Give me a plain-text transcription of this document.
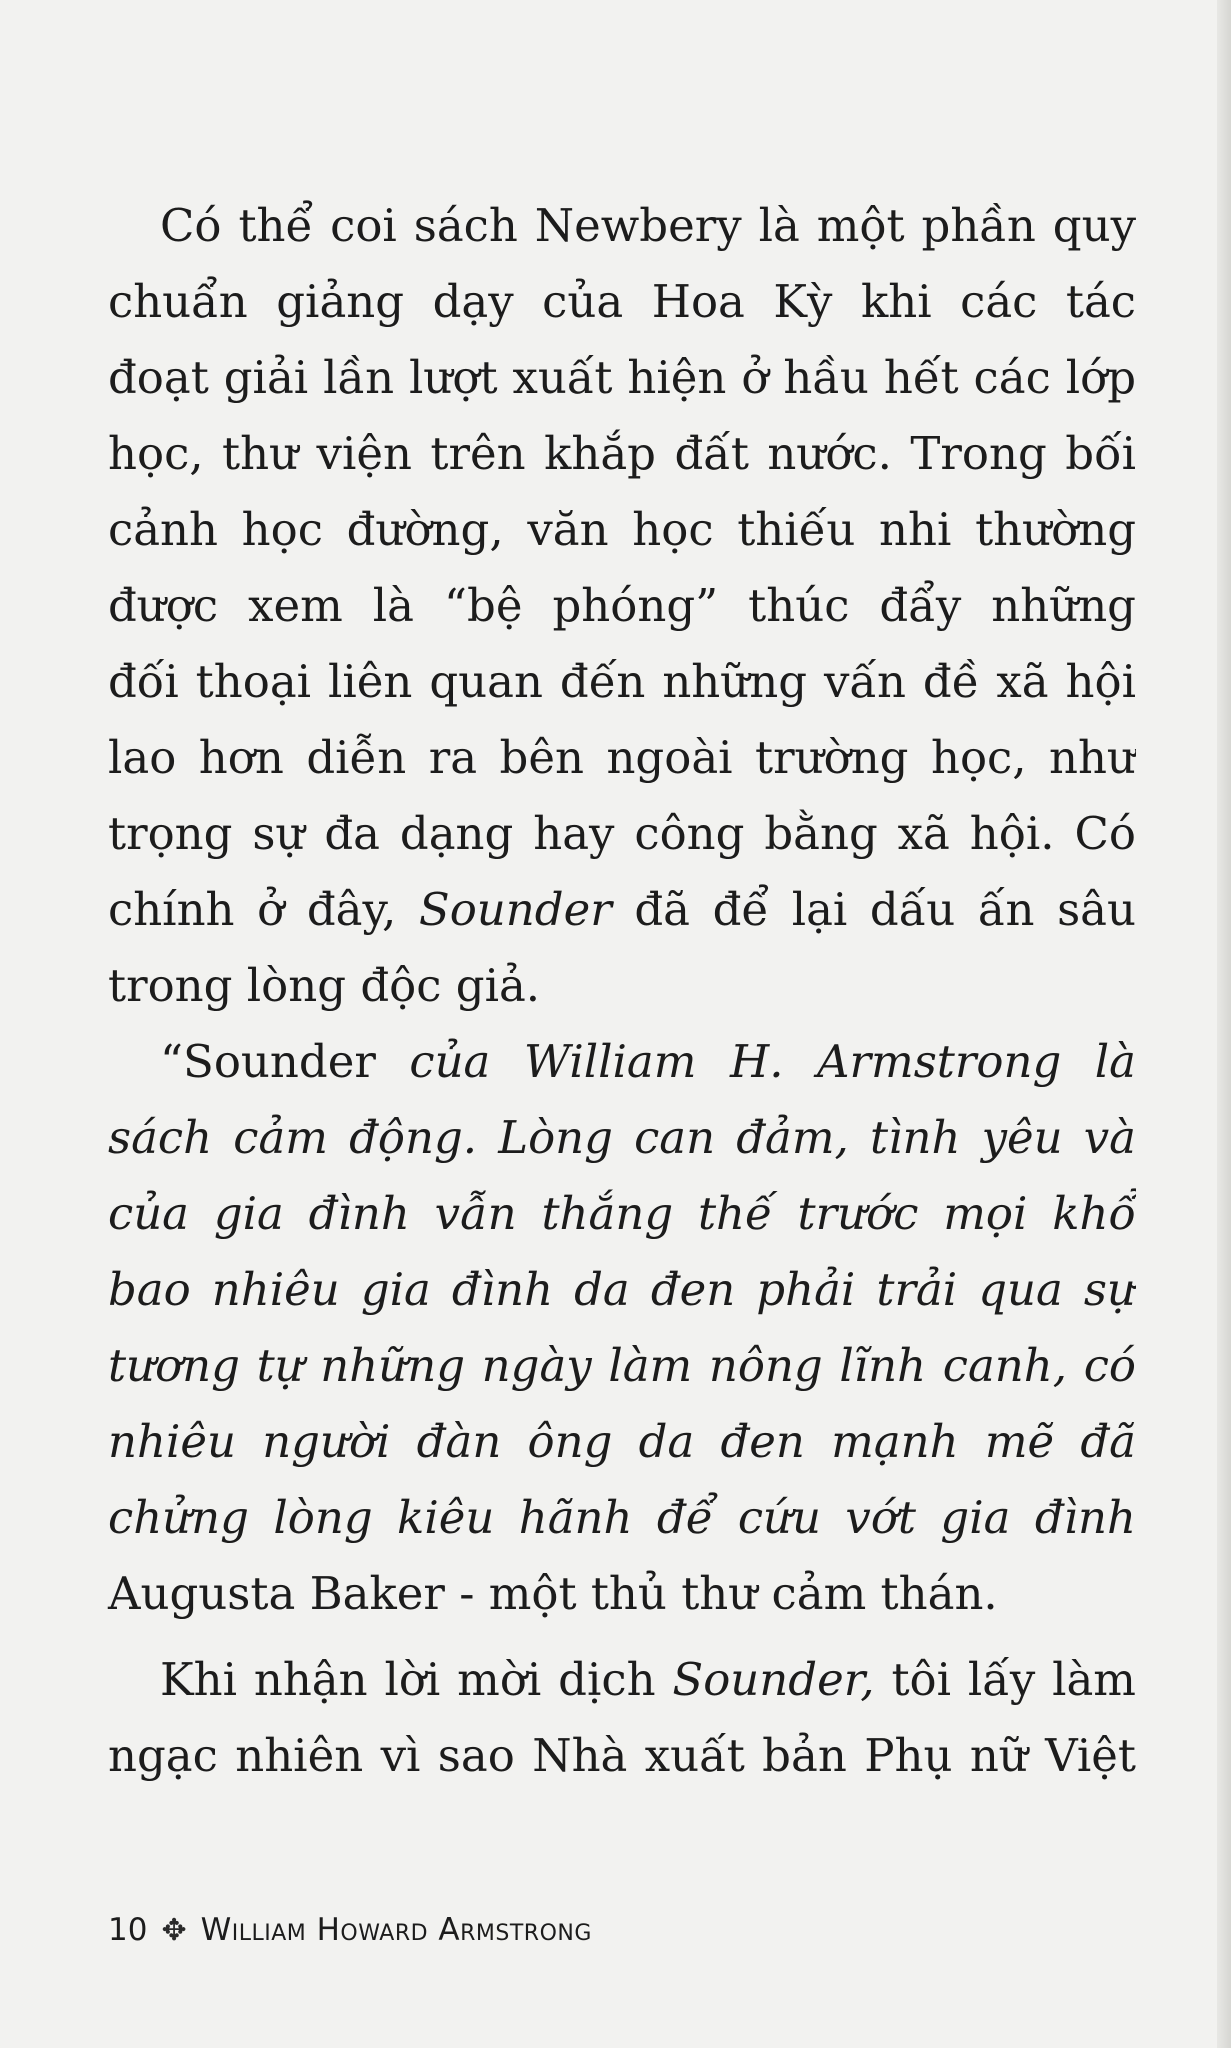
Có thể coi sách Newbery là một phần quy
chuẩn giảng dạy của Hoa Kỳ khi các tác
đoạt giải lần lượt xuất hiện ở hầu hết các lớp
học, thư viện trên khắp đất nước. Trong bối
cảnh học đường, văn học thiếu nhi thường
được xem là “bệ phóng” thúc đẩy những
đối thoại liên quan đến những vấn đề xã hội
lao hơn diễn ra bên ngoài trường học, như
trọng sự đa dạng hay công bằng xã hội. Có
chính ở đây, Sounder đã để lại dấu ấn sâu
trong lòng độc giả.
“Sounder của William H. Armstrong là
sách cảm động. Lòng can đảm, tình yêu và
của gia đình vẫn thắng thế trước mọi khổ
bao nhiêu gia đình da đen phải trải qua sự
tương tự những ngày làm nông lĩnh canh, có
nhiêu người đàn ông da đen mạnh mẽ đã
chửng lòng kiêu hãnh để cứu vớt gia đình
Augusta Baker - một thủ thư cảm thán.
Khi nhận lời mời dịch Sounder, tôi lấy làm
ngạc nhiên vì sao Nhà xuất bản Phụ nữ Việt
10 ✥ William Howard Armstrong
